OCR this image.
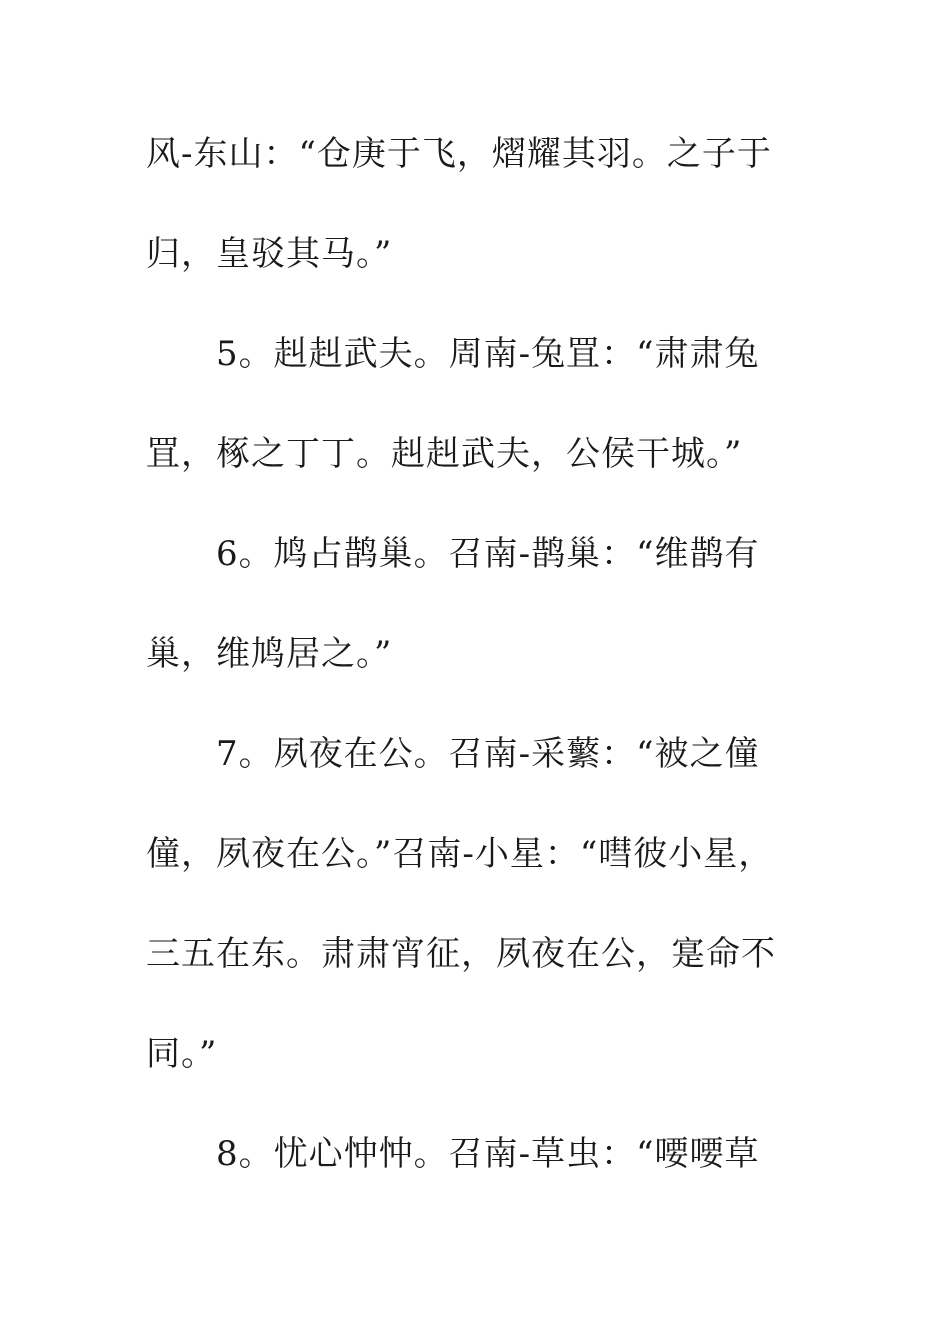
风-东山：“仓庚于飞，熠耀其羽。之子于
归，皇驳其马。”
5。赳赳武夫。周南-兔罝：“肃肃兔
罝，椓之丁丁。赳赳武夫，公侯干城。”
6。鸠占鹊巢。召南-鹊巢：“维鹊有
巢，维鸠居之。”
7。夙夜在公。召南-采蘩：“被之僮
僮，夙夜在公。”召南-小星：“嘒彼小星，
三五在东。肃肃宵征，夙夜在公，寔命不
同。”
8。忧心忡忡。召南-草虫：“喓喓草
